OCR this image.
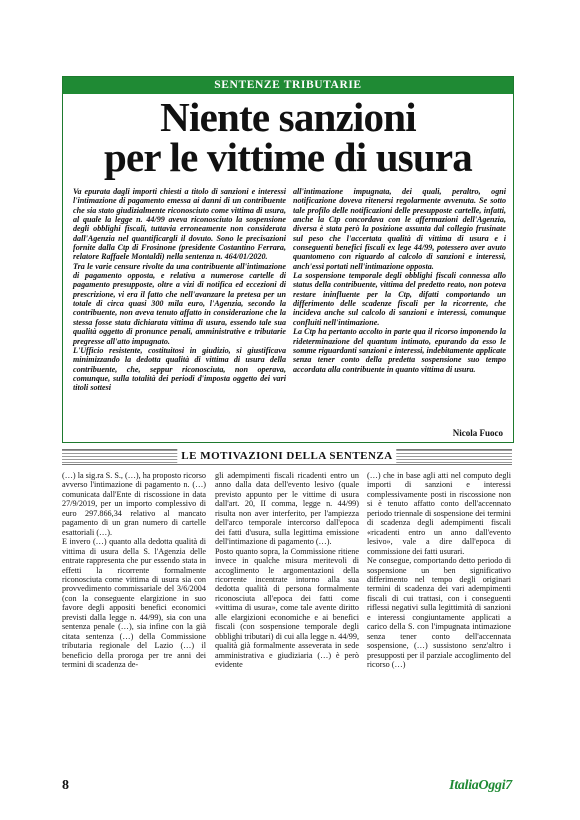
SENTENZE TRIBUTARIE
Niente sanzioni
per le vittime di usura
Va epurata dagli importi chiesti a titolo di sanzioni e interessi l'intimazione di pagamento emessa ai danni di un contribuente che sia stato giudizialmente riconosciuto come vittima di usura, al quale la legge n. 44/99 aveva riconosciuto la sospensione degli obblighi fiscali, tuttavia erroneamente non considerata dall'Agenzia nel quantificargli il dovuto. Sono le precisazioni fornite dalla Ctp di Frosinone (presidente Costantino Ferrara, relatore Raffaele Montaldi) nella sentenza n. 464/01/2020.
Tra le varie censure rivolte da una contribuente all'intimazione di pagamento opposta, e relativa a numerose cartelle di pagamento presupposte, oltre a vizi di notifica ed eccezioni di prescrizione, vi era il fatto che nell'avanzare la pretesa per un totale di circa quasi 300 mila euro, l'Agenzia, secondo la contribuente, non aveva tenuto affatto in considerazione che la stessa fosse stata dichiarata vittima di usura, essendo tale sua qualità oggetto di pronunce penali, amministrative e tributarie pregresse all'atto impugnato.
L'Ufficio resistente, costituitosi in giudizio, si giustificava minimizzando la dedotta qualità di vittima di usura della contribuente, che, seppur riconosciuta, non operava, comunque, sulla totalità dei periodi d'imposta oggetto dei vari titoli sottesi
all'intimazione impugnata, dei quali, peraltro, ogni notificazione doveva ritenersi regolarmente avvenuta. Se sotto tale profilo delle notificazioni delle presupposte cartelle, infatti, anche la Ctp concordava con le affermazioni dell'Agenzia, diversa è stata però la posizione assunta dal collegio frusinate sul peso che l'accertata qualità di vittima di usura e i conseguenti benefici fiscali ex lege 44/99, potessero aver avuto quantomeno con riguardo al calcolo di sanzioni e interessi, anch'essi portati nell'intimazione opposta.
La sospensione temporale degli obblighi fiscali connessa allo status della contribuente, vittima del predetto reato, non poteva restare ininfluente per la Ctp, difatti comportando un differimento delle scadenze fiscali per la ricorrente, che incideva anche sul calcolo di sanzioni e interessi, comunque confluiti nell'intimazione.
La Ctp ha pertanto accolto in parte qua il ricorso imponendo la rideterminazione del quantum intimato, epurando da esso le somme riguardanti sanzioni e interessi, indebitamente applicate senza tener conto della predetta sospensione suo tempo accordata alla contribuente in quanto vittima di usura.
Nicola Fuoco
LE MOTIVAZIONI DELLA SENTENZA
(…) la sig.ra S. S., (…), ha proposto ricorso avverso l'intimazione di pagamento n. (…) comunicata dall'Ente di riscossione in data 27/9/2019, per un importo complessivo di euro 297.866,34 relativo al mancato pagamento di un gran numero di cartelle esattoriali (…).
E invero (…) quanto alla dedotta qualità di vittima di usura della S. l'Agenzia delle entrate rappresenta che pur essendo stata in effetti la ricorrente formalmente riconosciuta come vittima di usura sia con provvedimento commissariale del 3/6/2004 (con la conseguente elargizione in suo favore degli appositi benefici economici previsti dalla legge n. 44/99), sia con una sentenza penale (…), sia infine con la già citata sentenza (…) della Commissione tributaria regionale del Lazio (…) il beneficio della proroga per tre anni dei termini di scadenza de-
gli adempimenti fiscali ricadenti entro un anno dalla data dell'evento lesivo (quale previsto appunto per le vittime di usura dall'art. 20, II comma, legge n. 44/99) risulta non aver interferito, per l'ampiezza dell'arco temporale intercorso dall'epoca dei fatti d'usura, sulla legittima emissione dell'intimazione di pagamento (…).
Posto quanto sopra, la Commissione ritiene invece in qualche misura meritevoli di accoglimento le argomentazioni della ricorrente incentrate intorno alla sua dedotta qualità di persona formalmente riconosciuta all'epoca dei fatti come «vittima di usura», come tale avente diritto alle elargizioni economiche e ai benefici fiscali (con sospensione temporale degli obblighi tributari) di cui alla legge n. 44/99, qualità già formalmente asseverata in sede amministrativa e giudiziaria (…) è però evidente
(…) che in base agli atti nel computo degli importi di sanzioni e interessi complessivamente posti in riscossione non si è tenuto affatto conto dell'accennato periodo triennale di sospensione dei termini di scadenza degli adempimenti fiscali «ricadenti entro un anno dall'evento lesivo», vale a dire dall'epoca di commissione dei fatti usurari.
Ne consegue, comportando detto periodo di sospensione un ben significativo differimento nel tempo degli originari termini di scadenza dei vari adempimenti fiscali di cui trattasi, con i conseguenti riflessi negativi sulla legittimità di sanzioni e interessi congiuntamente applicati a carico della S. con l'impugnata intimazione senza tener conto dell'accennata sospensione, (…) sussistono senz'altro i presupposti per il parziale accoglimento del ricorso (…)
8	ItaliaOggi7
